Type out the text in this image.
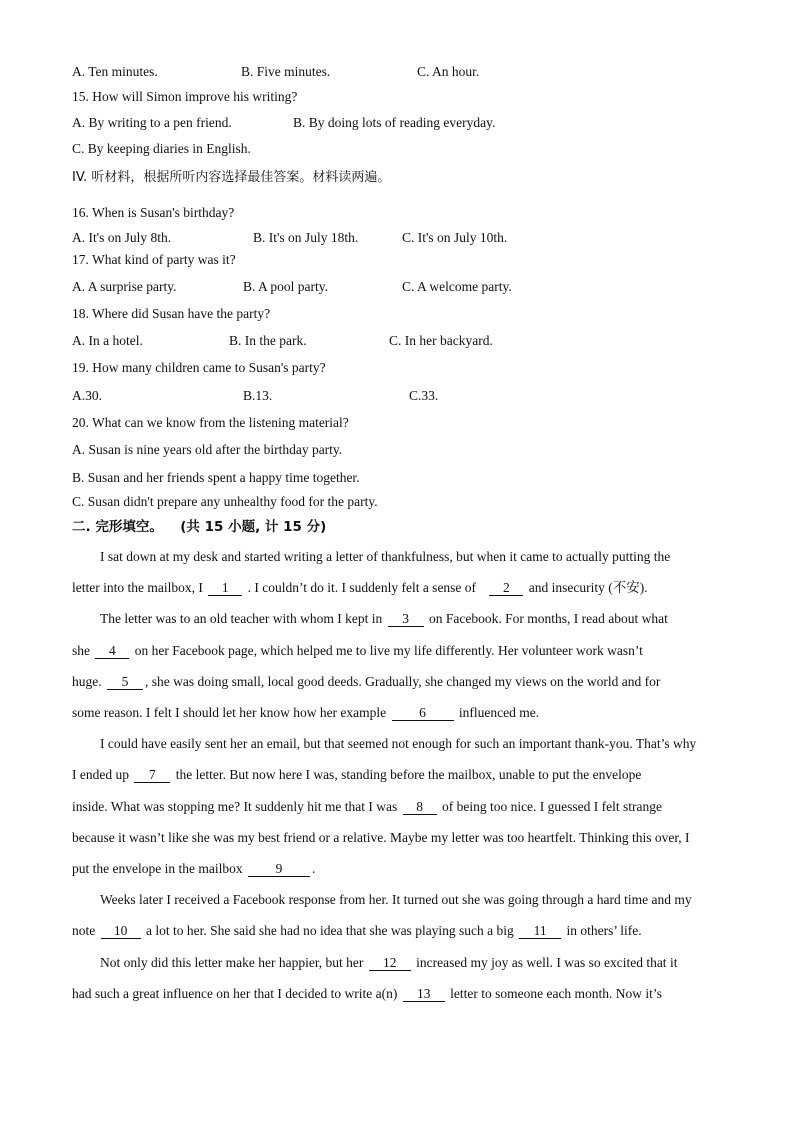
A. Ten minutes.	B. Five minutes.	C. An hour.
15. How will Simon improve his writing?
A. By writing to a pen friend.	B. By doing lots of reading everyday.
C. By keeping diaries in English.
IV. 听材料，根据所听内容选择最佳答案。材料读两遍。
16. When is Susan's birthday?
A. It's on July 8th.	B. It's on July 18th.	C. It's on July 10th.
17. What kind of party was it?
A. A surprise party.	B. A pool party.	C. A welcome party.
18. Where did Susan have the party?
A. In a hotel.	B. In the park.	C. In her backyard.
19. How many children came to Susan's party?
A.30.	B.13.	C.33.
20. What can we know from the listening material?
A. Susan is nine years old after the birthday party.
B. Susan and her friends spent a happy time together.
C. Susan didn't prepare any unhealthy food for the party.
二. 完形填空。 (共 15 小题, 计 15 分)
I sat down at my desk and started writing a letter of thankfulness, but when it came to actually putting the
letter into the mailbox, I 1 . I couldn’t do it. I suddenly felt a sense of 2 and insecurity (不安).
The letter was to an old teacher with whom I kept in 3 on Facebook. For months, I read about what
she 4 on her Facebook page, which helped me to live my life differently. Her volunteer work wasn’t
huge. 5 , she was doing small, local good deeds. Gradually, she changed my views on the world and for
some reason. I felt I should let her know how her example 6 influenced me.
I could have easily sent her an email, but that seemed not enough for such an important thank-you. That’s why
I ended up 7 the letter. But now here I was, standing before the mailbox, unable to put the envelope
inside. What was stopping me? It suddenly hit me that I was 8 of being too nice. I guessed I felt strange
because it wasn’t like she was my best friend or a relative. Maybe my letter was too heartfelt. Thinking this over, I
put the envelope in the mailbox 9 .
Weeks later I received a Facebook response from her. It turned out she was going through a hard time and my
note 10 a lot to her. She said she had no idea that she was playing such a big 11 in others’ life.
Not only did this letter make her happier, but her 12 increased my joy as well. I was so excited that it
had such a great influence on her that I decided to write a(n) 13 letter to someone each month. Now it’s
